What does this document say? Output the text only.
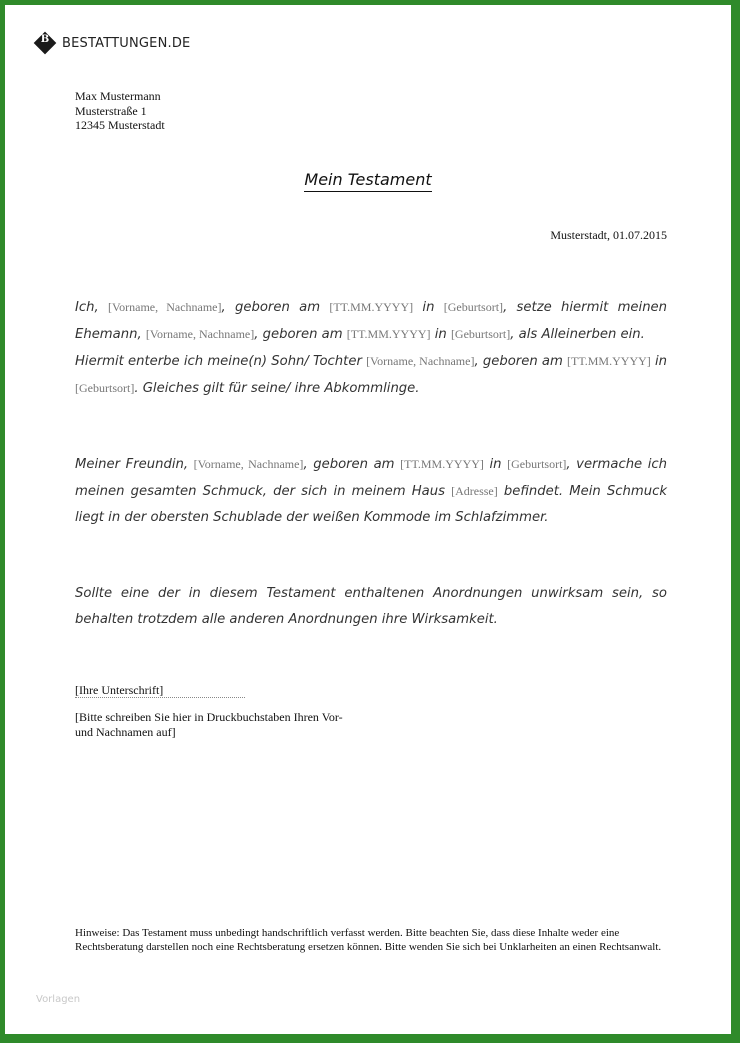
B BESTATTUNGEN.DE
Max Mustermann
Musterstraße 1
12345 Musterstadt
Mein Testament
Musterstadt, 01.07.2015
Ich, [Vorname, Nachname], geboren am [TT.MM.YYYY] in [Geburtsort], setze hiermit meinen Ehemann, [Vorname, Nachname], geboren am [TT.MM.YYYY] in [Geburtsort], als Alleinerben ein.
Hiermit enterbe ich meine(n) Sohn/ Tochter [Vorname, Nachname], geboren am [TT.MM.YYYY] in [Geburtsort]. Gleiches gilt für seine/ ihre Abkommlinge.
Meiner Freundin, [Vorname, Nachname], geboren am [TT.MM.YYYY] in [Geburtsort], vermache ich meinen gesamten Schmuck, der sich in meinem Haus [Adresse] befindet. Mein Schmuck liegt in der obersten Schublade der weißen Kommode im Schlafzimmer.
Sollte eine der in diesem Testament enthaltenen Anordnungen unwirksam sein, so behalten trotzdem alle anderen Anordnungen ihre Wirksamkeit.
[Ihre Unterschrift]
[Bitte schreiben Sie hier in Druckbuchstaben Ihren Vor- und Nachnamen auf]
Hinweise: Das Testament muss unbedingt handschriftlich verfasst werden. Bitte beachten Sie, dass diese Inhalte weder eine Rechtsberatung darstellen noch eine Rechtsberatung ersetzen können. Bitte wenden Sie sich bei Unklarheiten an einen Rechtsanwalt.
Vorlagen
